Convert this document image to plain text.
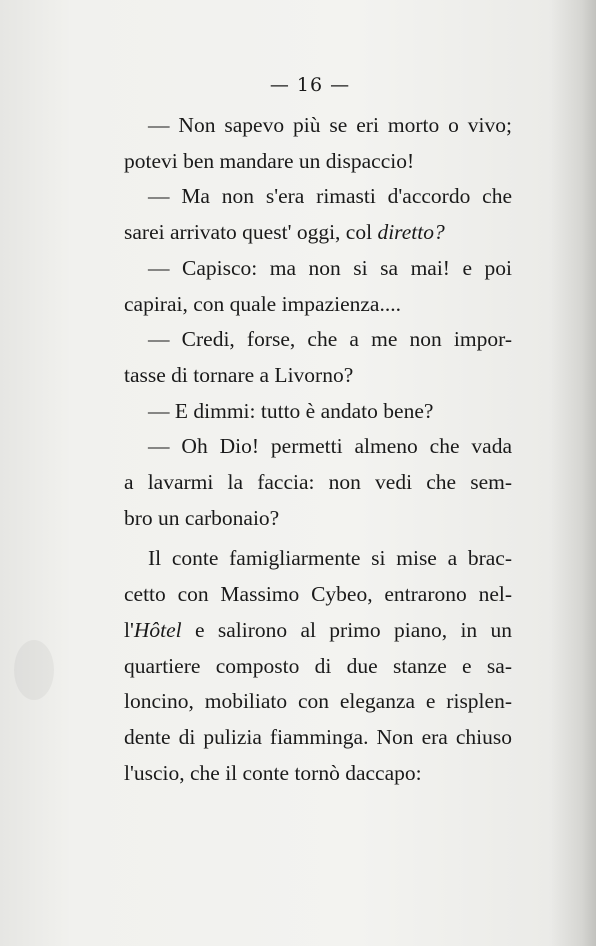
— 16 —
— Non sapevo più se eri morto o vivo;
potevi ben mandare un dispaccio!
— Ma non s'era rimasti d'accordo che
sarei arrivato quest' oggi, col diretto?
— Capisco: ma non si sa mai! e poi
capirai, con quale impazienza....
— Credi, forse, che a me non impor-
tasse di tornare a Livorno?
— E dimmi: tutto è andato bene?
— Oh Dio! permetti almeno che vada
a lavarmi la faccia: non vedi che sem-
bro un carbonaio?
Il conte famigliarmente si mise a brac-
cetto con Massimo Cybeo, entrarono nel-
l'Hôtel e salirono al primo piano, in un
quartiere composto di due stanze e sa-
loncino, mobiliato con eleganza e risplen-
dente di pulizia fiamminga. Non era chiuso
l'uscio, che il conte tornò daccapo:
